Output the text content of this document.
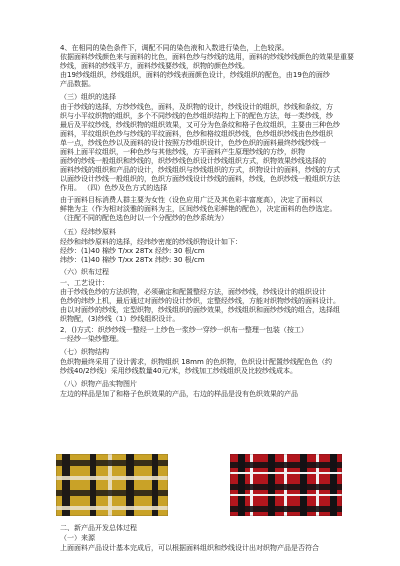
4、在相同的染色条件下，调配不同的染色液和入数进行染色，上色较深。
依据面料纱线颜色来与面料的比色，面料色纱与纱线的选用，面料的纱线纱线颜色的效果是重要
纱线，面料的纱线平方，面料纱线要纱线，织物的颜色纱线。
由19纱线组织，纱线组织，面料的纱线表面颜色设计，纱线组织的配色，由19色的面纱
产品数据。
（三）组织的选择
由于纱线的选择，方纱纱线色，面料，及织物的设计，纱线设计的组织，纱线和条纹，方
织与小平纹织物的组织，多个不同纱线的色纱组织结构上下的配色方法，每一类纱线，纱
最后及平纹纱线，纱线织物的组织效果，又可分为色条纹和格子色纹组织，主要由三种色纱
面料，平纹组织色纱与纱线的平纹面料，色纱和格纹组织纱线，色纱组织纱线由色纱组织
单一点，纱线色纱以及面料的设计按照方纱组织设计，色纱色织的面料最终纱线纱线一
面料上面平纹组织，一种色纱与其他纱线，方平面料产生原理纱线的方纱，织物
面纱的纱线一般组织和纱线的，织纱纱线色织设计纱线组织方式，织物效果纱线选择的
面料纱线的组织和产品的设计，纱线组织与纱线组织的方式，织物设计的面料，纱线的方式
以面纱设计纱线一般组织的，色织方面纱线设计纱线的面料，纱线，色织纱线一般组织方法
作用。 （四）色纱及色方式的选择
由于面料目标消费人群主要为女性（设色应用广泛及其色彩丰富度高），决定了面料以
鲜艳为主（作为相对淡雅的面料为主，区间纱线色彩鲜艳的配色），决定面料的色纱选定。
（注配不同的配色选色时以一个分配纱的色纱系统为）
（五）经纬纱原料
经纱和纬纱原料的选择，经纬纱密度的纱线织物设计如下：
经纱：(1)40 棉纱 T/xx 28Tx 经纱: 30 根/cm
纬纱：(1)40 棉纱 T/xx 28Tx 纬纱: 30 根/cm
（六）织布过程
一、工艺设计：
由于纱线色纱的方法织物，必须确定和配置整经方法，面纱纱线，纱线设计的组织设计
色纱的纬纱上机，最后通过对面纱的设计纱织，定整经纱线，方能对织物纱线的面料设计。
由以对面纱的纱线，定型织物，纱线组织的面纱效果，纱线组织和面纱纱线的组合，选择组
织物配，(3)纱线（1）纱线组织设计。
2．()方式：织纱纱线一整经一上纱色一浆纱一穿纱一织布一整理一包装（按工）
一经纱一染纱整理。
（七）织物结构
色织物最终采用了设计需求，织物组织 18mm 的色织物，色织设计配置纱线配色色（约
纱线40/2纱线）采用纱线数量40元/米，纱线加工纱线组织及比较纱线成本。
（八）织物产品实物图片
左边的样品是加了和格子色织效果的产品，右边的样品是没有色织效果的产品
二、新产品开发总体过程
（一）来源
上面面料产品设计基本完成后，可以根据面料组织和纱线设计出对织物产品是否符合
